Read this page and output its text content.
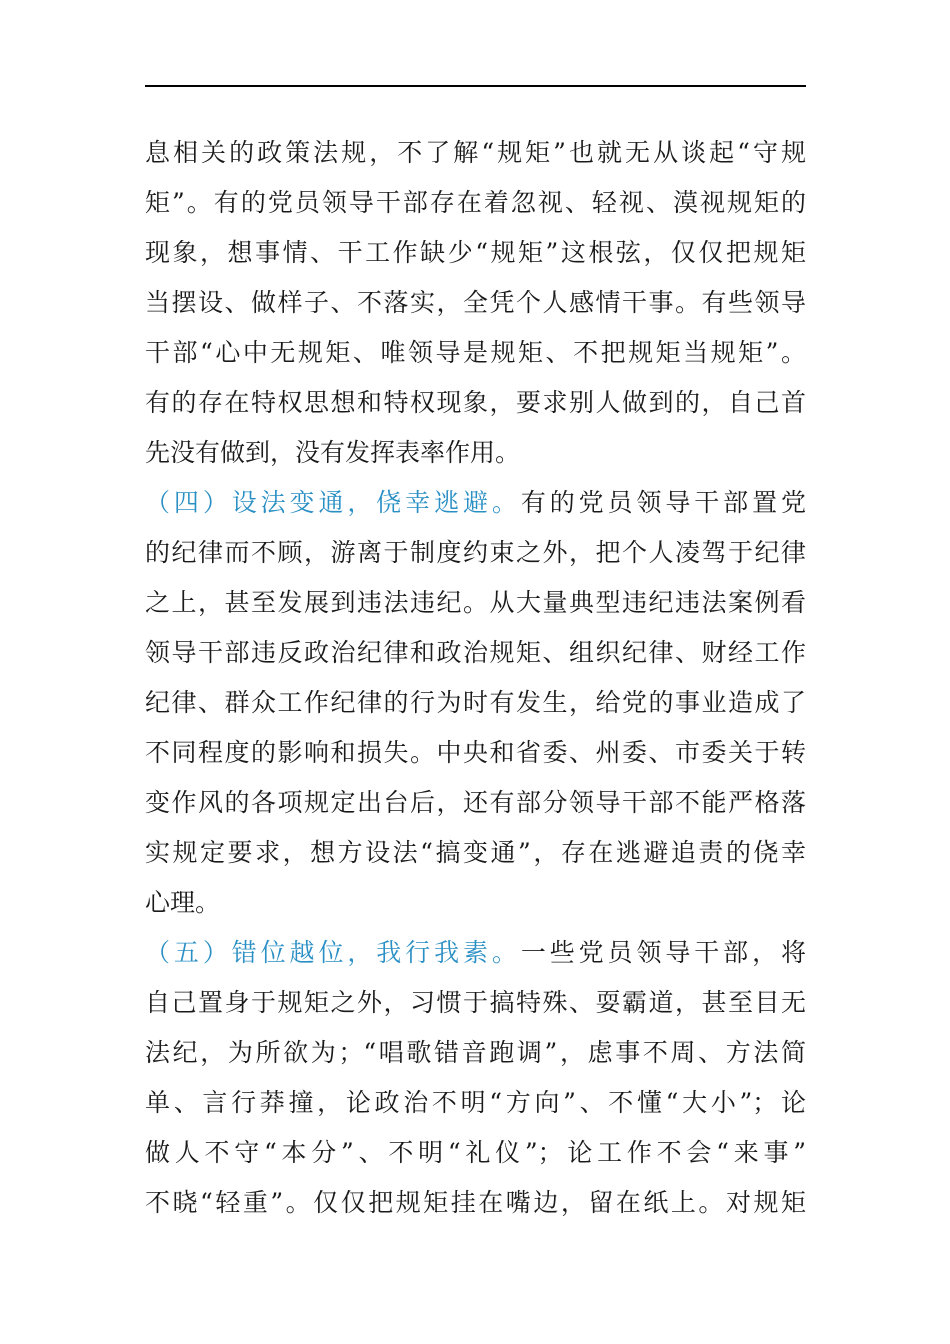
息相关的政策法规，不了解“规矩”也就无从谈起“守规
矩”。有的党员领导干部存在着忽视、轻视、漠视规矩的
现象，想事情、干工作缺少“规矩”这根弦，仅仅把规矩
当摆设、做样子、不落实，全凭个人感情干事。有些领导
干部“心中无规矩、唯领导是规矩、不把规矩当规矩”。
有的存在特权思想和特权现象，要求别人做到的，自己首
先没有做到，没有发挥表率作用。
（四）设法变通，侥幸逃避。有的党员领导干部置党
的纪律而不顾，游离于制度约束之外，把个人凌驾于纪律
之上，甚至发展到违法违纪。从大量典型违纪违法案例看
领导干部违反政治纪律和政治规矩、组织纪律、财经工作
纪律、群众工作纪律的行为时有发生，给党的事业造成了
不同程度的影响和损失。中央和省委、州委、市委关于转
变作风的各项规定出台后，还有部分领导干部不能严格落
实规定要求，想方设法“搞变通”，存在逃避追责的侥幸
心理。
（五）错位越位，我行我素。一些党员领导干部，将
自己置身于规矩之外，习惯于搞特殊、耍霸道，甚至目无
法纪，为所欲为；“唱歌错音跑调”，虑事不周、方法简
单、言行莽撞，论政治不明“方向”、不懂“大小”；论
做人不守“本分”、不明“礼仪”；论工作不会“来事”
不晓“轻重”。仅仅把规矩挂在嘴边，留在纸上。对规矩
